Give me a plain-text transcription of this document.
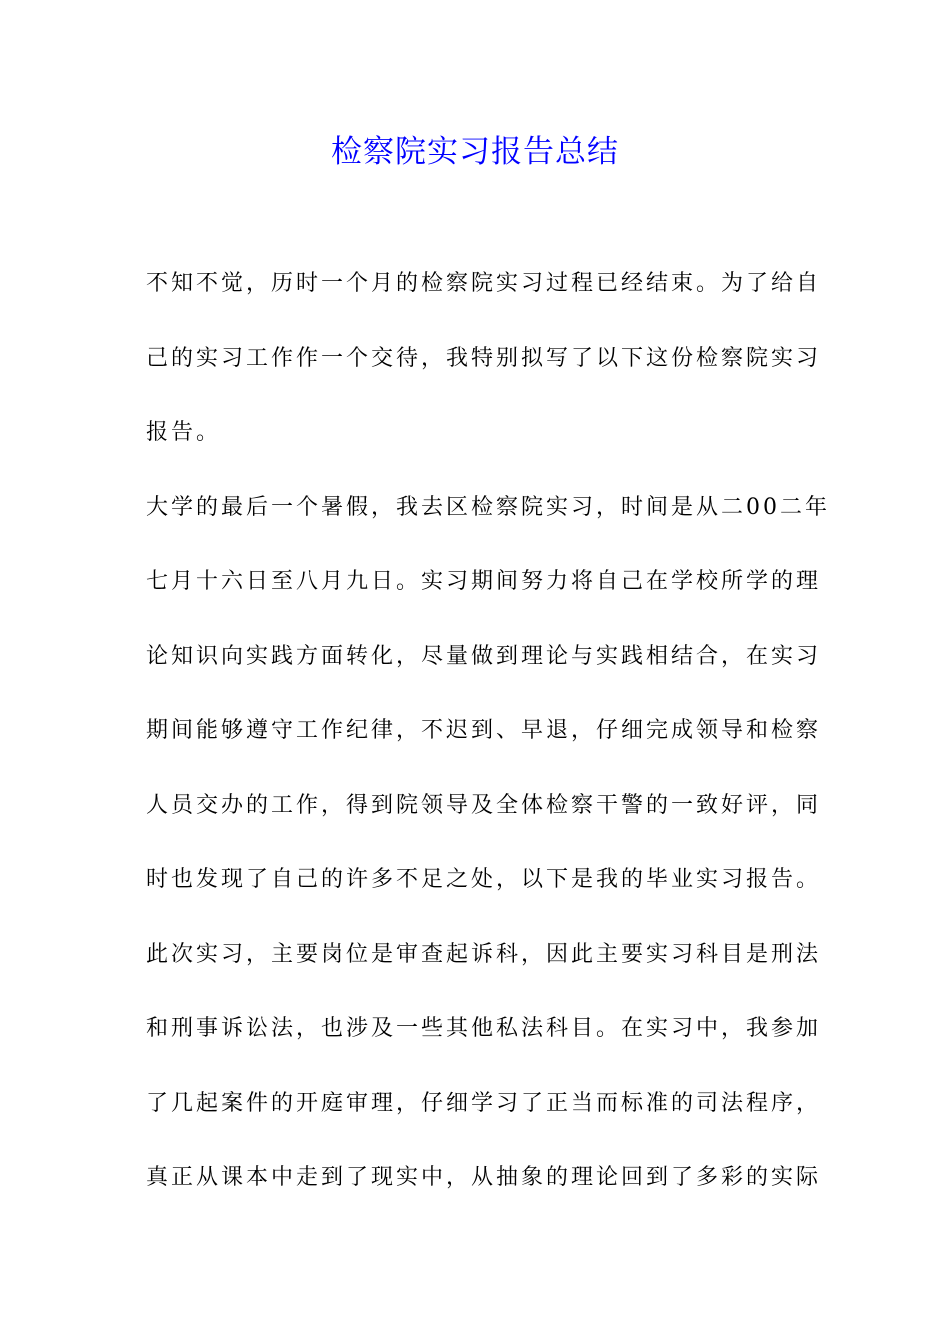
检察院实习报告总结
不知不觉，历时一个月的检察院实习过程已经结束。为了给自
己的实习工作作一个交待，我特别拟写了以下这份检察院实习
报告。
大学的最后一个暑假，我去区检察院实习，时间是从二00二年
七月十六日至八月九日。实习期间努力将自己在学校所学的理
论知识向实践方面转化，尽量做到理论与实践相结合，在实习
期间能够遵守工作纪律，不迟到、早退，仔细完成领导和检察
人员交办的工作，得到院领导及全体检察干警的一致好评，同
时也发现了自己的许多不足之处，以下是我的毕业实习报告。
此次实习，主要岗位是审查起诉科，因此主要实习科目是刑法
和刑事诉讼法，也涉及一些其他私法科目。在实习中，我参加
了几起案件的开庭审理，仔细学习了正当而标准的司法程序，
真正从课本中走到了现实中，从抽象的理论回到了多彩的实际
